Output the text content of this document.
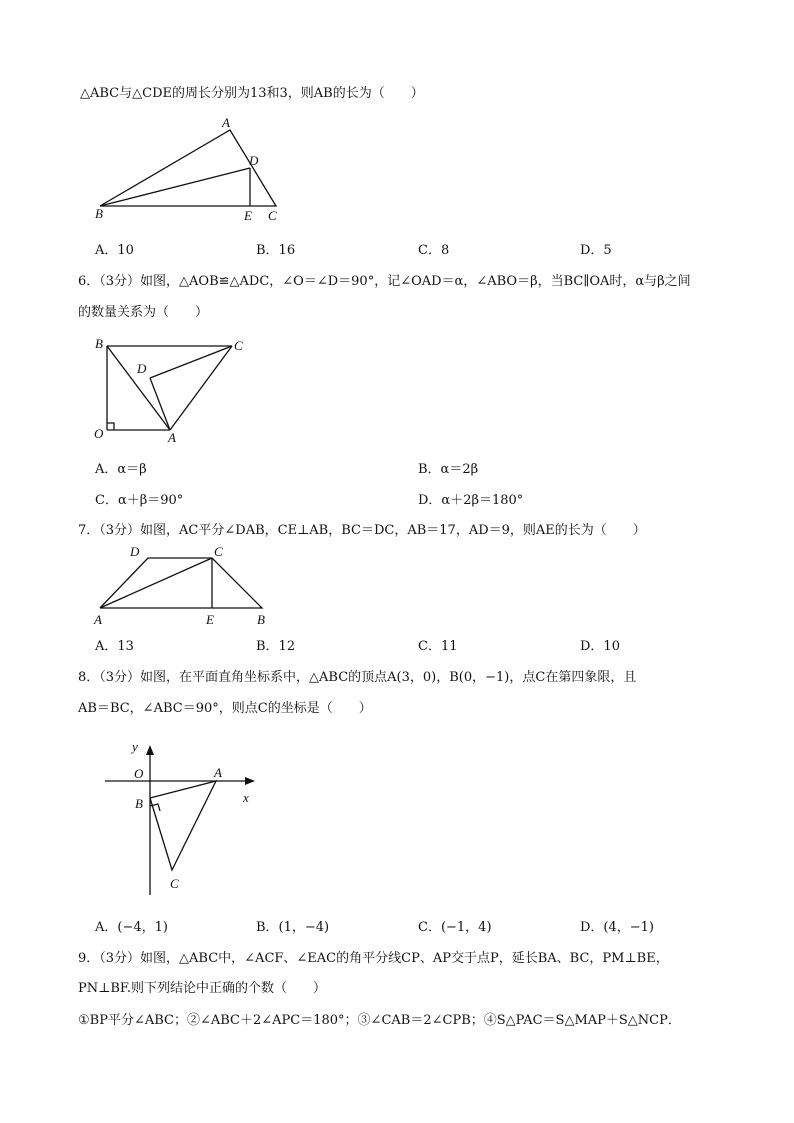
△ABC与△CDE的周长分别为13和3，则AB的长为（　　）
A
D
B	E C
A．10	B．16	C．8	D．5
6．（3分）如图，△AOB≌△ADC，∠O＝∠D＝90°，记∠OAD＝α，∠ABO＝β，当BC∥OA时，α与β之间
的数量关系为（　　）
B	C
D
O	A
A．α＝β	B．α＝2β
C．α＋β＝90°	D．α＋2β＝180°
7．（3分）如图，AC平分∠DAB，CE⊥AB，BC＝DC，AB＝17，AD＝9，则AE的长为（　　）
D	C
A	E	B
A．13	B．12	C．11	D．10
8．（3分）如图，在平面直角坐标系中，△ABC的顶点A(3，0)，B(0，−1)，点C在第四象限，且
AB＝BC，∠ABC＝90°，则点C的坐标是（　　）
y
O	A
x
B
C
A．(−4，1)	B．(1，−4)	C．(−1，4)	D．(4，−1)
9．（3分）如图，△ABC中，∠ACF、∠EAC的角平分线CP、AP交于点P，延长BA、BC，PM⊥BE，
PN⊥BF.则下列结论中正确的个数（　　）
①BP平分∠ABC；②∠ABC＋2∠APC＝180°；③∠CAB＝2∠CPB；④S△PAC＝S△MAP＋S△NCP．
